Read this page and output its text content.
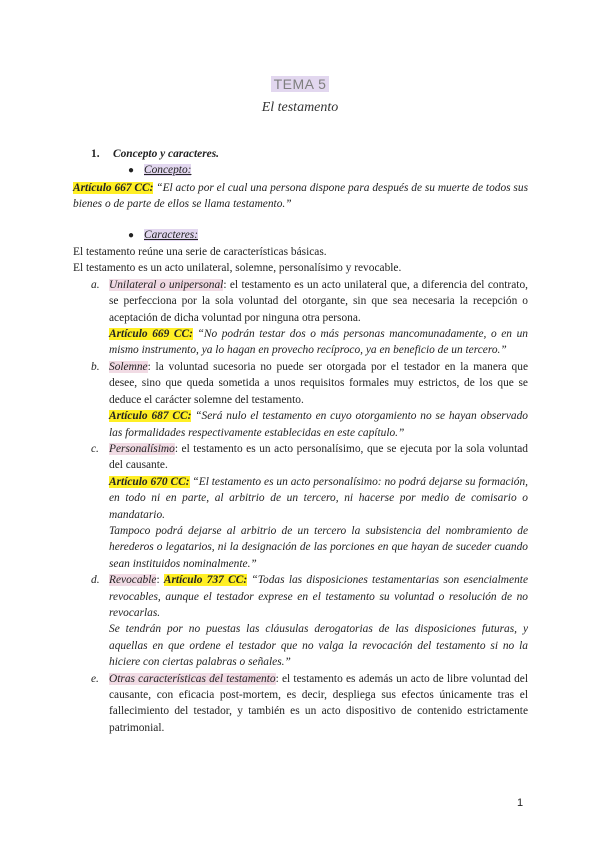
TEMA 5
El testamento
1. Concepto y caracteres.
● Concepto:
Artículo 667 CC: “El acto por el cual una persona dispone para después de su muerte de todos sus bienes o de parte de ellos se llama testamento.”
● Caracteres:
El testamento reúne una serie de características básicas.
El testamento es un acto unilateral, solemne, personalísimo y revocable.
a. Unilateral o unipersonal: el testamento es un acto unilateral que, a diferencia del contrato, se perfecciona por la sola voluntad del otorgante, sin que sea necesaria la recepción o aceptación de dicha voluntad por ninguna otra persona.
Artículo 669 CC: “No podrán testar dos o más personas mancomunadamente, o en un mismo instrumento, ya lo hagan en provecho recíproco, ya en beneficio de un tercero.”
b. Solemne: la voluntad sucesoria no puede ser otorgada por el testador en la manera que desee, sino que queda sometida a unos requisitos formales muy estrictos, de los que se deduce el carácter solemne del testamento.
Artículo 687 CC: “Será nulo el testamento en cuyo otorgamiento no se hayan observado las formalidades respectivamente establecidas en este capítulo.”
c. Personalísimo: el testamento es un acto personalísimo, que se ejecuta por la sola voluntad del causante.
Artículo 670 CC: “El testamento es un acto personalísimo: no podrá dejarse su formación, en todo ni en parte, al arbitrio de un tercero, ni hacerse por medio de comisario o mandatario.
Tampoco podrá dejarse al arbitrio de un tercero la subsistencia del nombramiento de herederos o legatarios, ni la designación de las porciones en que hayan de suceder cuando sean instituidos nominalmente.”
d. Revocable: Artículo 737 CC: “Todas las disposiciones testamentarias son esencialmente revocables, aunque el testador exprese en el testamento su voluntad o resolución de no revocarlas.
Se tendrán por no puestas las cláusulas derogatorias de las disposiciones futuras, y aquellas en que ordene el testador que no valga la revocación del testamento si no la hiciere con ciertas palabras o señales.”
e. Otras características del testamento: el testamento es además un acto de libre voluntad del causante, con eficacia post-mortem, es decir, despliega sus efectos únicamente tras el fallecimiento del testador, y también es un acto dispositivo de contenido estrictamente patrimonial.
1
